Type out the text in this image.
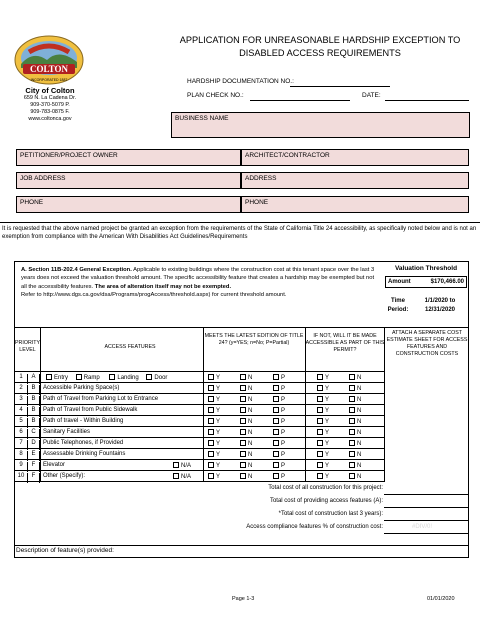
COLTON
INCORPORATED 1887
City of Colton
659 N. La Cadena Dr.
909-370-5079 P.
909-783-0875 F.
www.coltonca.gov
APPLICATION FOR UNREASONABLE HARDSHIP EXCEPTION TO
DISABLED ACCESS REQUIREMENTS
HARDSHIP DOCUMENTATION NO.:
PLAN CHECK NO.:	DATE:
BUSINESS NAME
PETITIONER/PROJECT OWNER	ARCHITECT/CONTRACTOR
JOB ADDRESS	ADDRESS
PHONE	PHONE
It is requested that the above named project be granted an exception from the requirements of the State of California Title 24 accessibility, as specifically noted below and is not an exemption from compliance with the American With Disabilities Act Guidelines/Requirements
A. Section 11B-202.4 General Exception. Applicable to existing buildings where the construction cost at this tenant space over the last 3 years does not exceed the valuation threshold amount. The specific accessibility feature that creates a hardship may be exempted but not all the accessibility features. The area of alteration itself may not be exempted.
Refer to http://www.dgs.ca.gov/dsa/Programs/progAccess/threshold.aspx) for current threshold amount.
Valuation Threshold
Amount	$170,466.00
Time Period:
1/1/2020 to 12/31/2020
PRIORITY LEVEL	ACCESS FEATURES
MEETS THE LATEST EDITION OF TITLE 24? (y=YES; n=No; P=Partial)
IF NOT, WILL IT BE MADE ACCESSIBLE AS PART OF THIS PERMIT?
ATTACH A SEPARATE COST ESTIMATE SHEET FOR ACCESS FEATURES AND CONSTRUCTION COSTS
1	A	Entry	Ramp	Landing	Door	Y	N	P	Y	N
2	B	Accessible Parking Space(s)	Y	N	P	Y	N
3	B	Path of Travel from Parking Lot to Entrance	Y	N	P	Y	N
4	B	Path of Travel from Public Sidewalk	Y	N	P	Y	N
5	B	Path of travel - Within Building	Y	N	P	Y	N
6	C	Sanitary Facilities	Y	N	P	Y	N
7	D	Public Telephones, if Provided	Y	N	P	Y	N
8	E	Assessable Drinking Fountains	Y	N	P	Y	N
9	F	Elevator	N/A	Y	N	P	Y	N
10	F	Other (Specify):	N/A	Y	N	P	Y	N
Total cost of all construction for this project:
Total cost of providing access features (A):
*Total cost of construction last 3 years):
Access compliance features % of construction cost:	#DIV/0!
Description of feature(s) provided:
Page 1-3	01/01/2020
